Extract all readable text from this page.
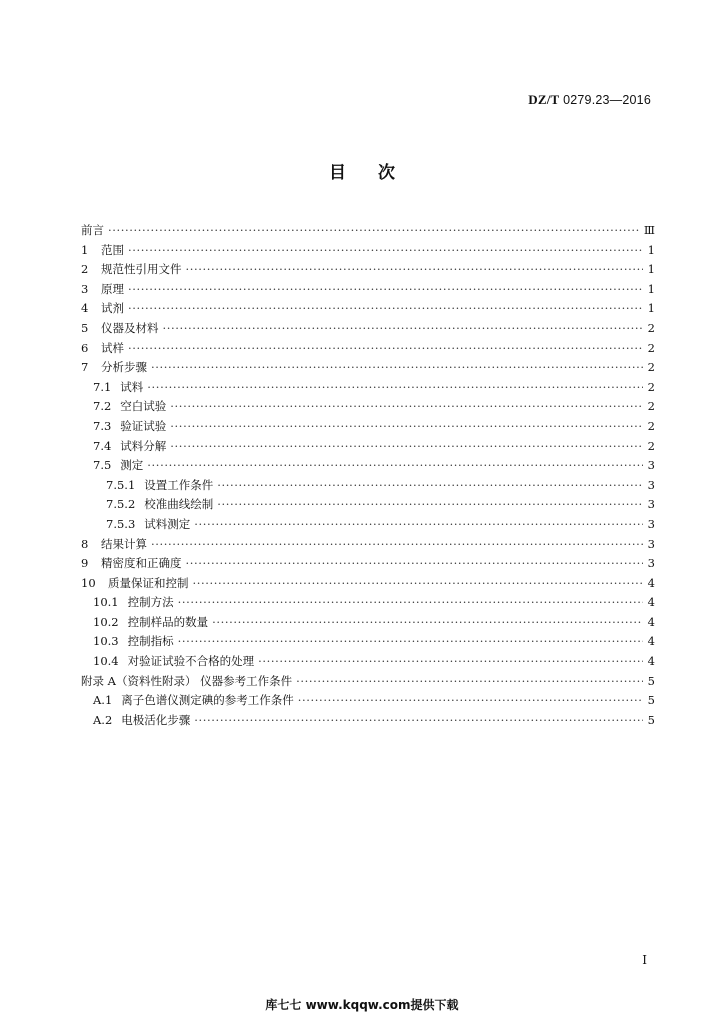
DZ/T 0279.23—2016
目次
前言 ·····	Ⅲ
1	范围 ·····	1
2	规范性引用文件 ·····	1
3	原理 ·····	1
4	试剂 ·····	1
5	仪器及材料 ·····	2
6	试样 ·····	2
7	分析步骤 ·····	2
7.1 试料 ·····	2
7.2 空白试验 ·····	2
7.3 验证试验 ·····	2
7.4 试料分解 ·····	2
7.5 测定 ·····	3
7.5.1 设置工作条件 ·····	3
7.5.2 校准曲线绘制 ·····	3
7.5.3 试料测定 ·····	3
8	结果计算 ·····	3
9	精密度和正确度 ·····	3
10 质量保证和控制 ·····	4
10.1 控制方法 ·····	4
10.2 控制样品的数量 ·····	4
10.3 控制指标 ·····	4
10.4 对验证试验不合格的处理 ·····	4
附录 A（资料性附录） 仪器参考工作条件 ·····	5
A.1 离子色谱仪测定碘的参考工作条件 ·····	5
A.2 电极活化步骤 ·····	5
Ⅰ
库七七 www.kqqw.com提供下载
